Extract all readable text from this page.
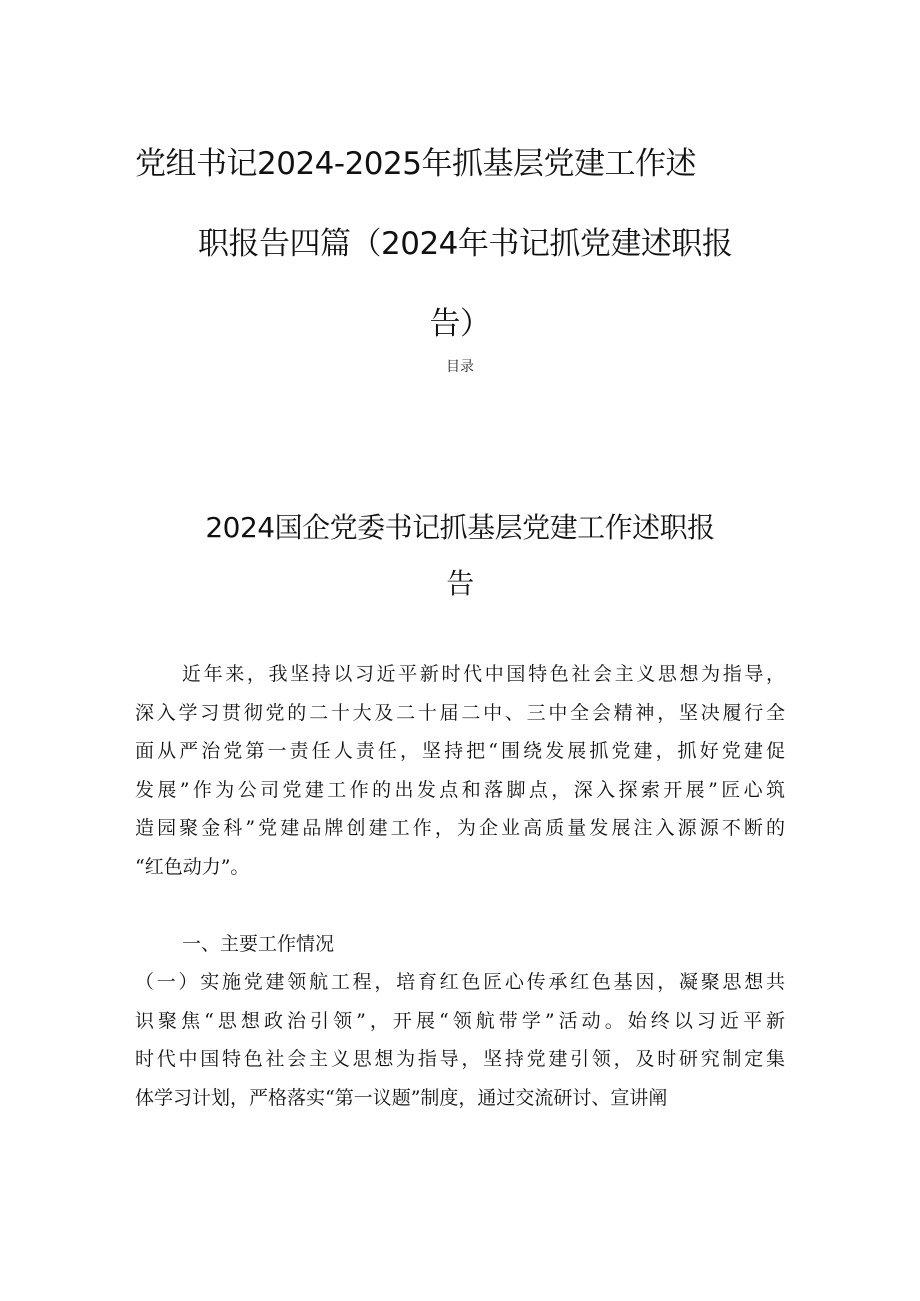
党组书记2024-2025年抓基层党建工作述
职报告四篇（2024年书记抓党建述职报
告）
目录
2024国企党委书记抓基层党建工作述职报
告
近年来，我坚持以习近平新时代中国特色社会主义思想为指导，
深入学习贯彻党的二十大及二十届二中、三中全会精神，坚决履行全
面从严治党第一责任人责任，坚持把“围绕发展抓党建，抓好党建促
发展”作为公司党建工作的出发点和落脚点，深入探索开展”匠心筑
造园聚金科”党建品牌创建工作，为企业高质量发展注入源源不断的
“红色动力”。
一、主要工作情况
（一）实施党建领航工程，培育红色匠心传承红色基因，凝聚思想共
识聚焦“思想政治引领”，开展“领航带学”活动。始终以习近平新
时代中国特色社会主义思想为指导，坚持党建引领，及时研究制定集
体学习计划，严格落实“第一议题”制度，通过交流研讨、宣讲阐
